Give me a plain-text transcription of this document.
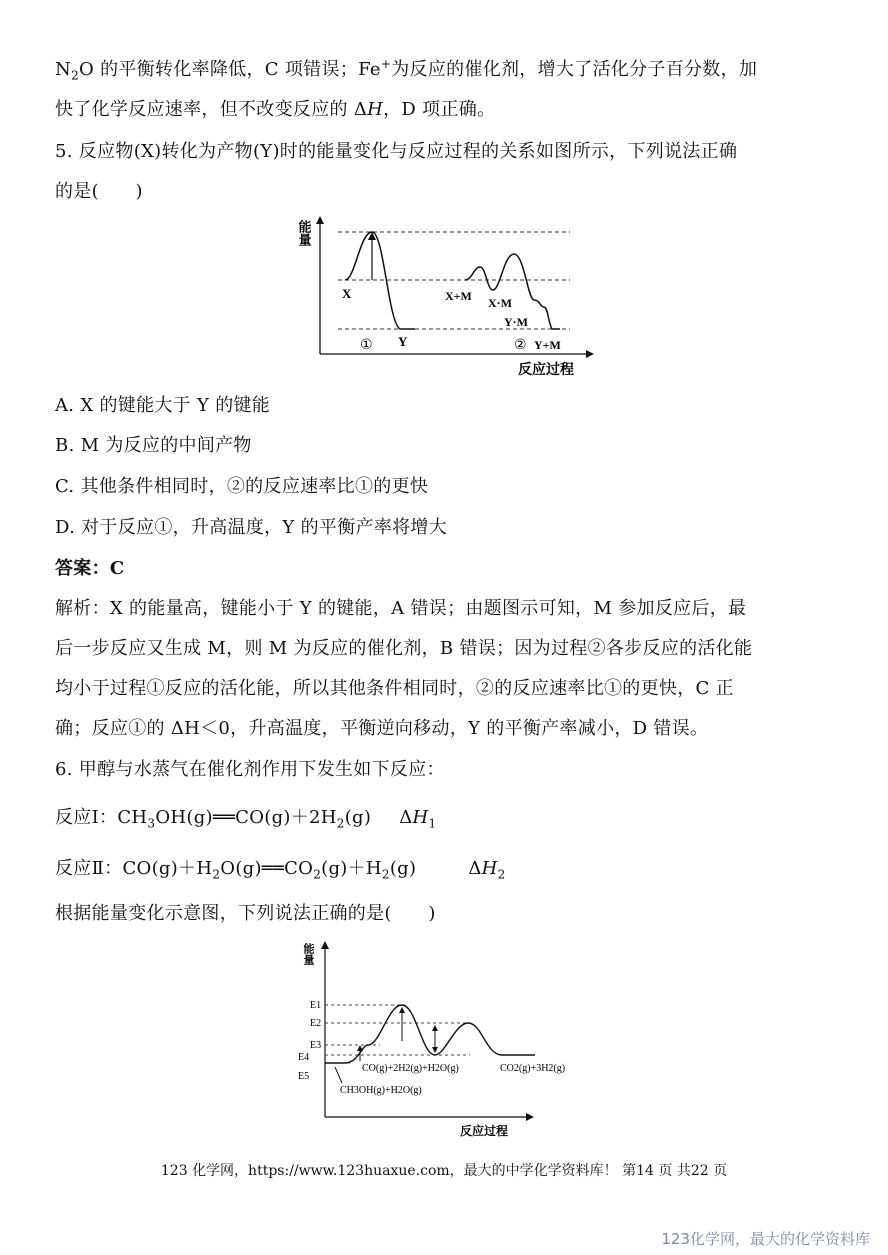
$N_2O$ 的平衡转化率降低，C 项错误；Fe+为反应的催化剂，增大了活化分子百分数，加
快了化学反应速率，但不改变反应的 ΔH，D 项正确。
5. 反应物(X)转化为产物(Y)时的能量变化与反应过程的关系如图所示，下列说法正确
的是(　　)
能量
X
Y
①
X+M X·M
Y·M
② Y+M
反应过程
A. X 的键能大于 Y 的键能
B. M 为反应的中间产物
C. 其他条件相同时，②的反应速率比①的更快
D. 对于反应①，升高温度，Y 的平衡产率将增大
答案：C
解析：X 的能量高，键能小于 Y 的键能，A 错误；由题图示可知，M 参加反应后，最
后一步反应又生成 M，则 M 为反应的催化剂，B 错误；因为过程②各步反应的活化能
均小于过程①反应的活化能，所以其他条件相同时，②的反应速率比①的更快，C 正
确；反应①的 ΔH＜0，升高温度，平衡逆向移动，Y 的平衡产率减小，D 错误。
6. 甲醇与水蒸气在催化剂作用下发生如下反应：
反应Ⅰ：$CH_3OH(g)══CO(g)+2H_2(g)$ $\Delta H_1$
反应Ⅱ：$CO(g)+H_2O(g)══CO_2(g)+H_2(g)$	$\Delta H_2$
根据能量变化示意图，下列说法正确的是(　　)
能量
E1
E2
E3
E4
E5
CO(g)+2H2(g)+H2O(g)	CO2(g)+3H2(g)
CH3OH(g)+H2O(g)
反应过程
123 化学网，https://www.123huaxue.com，最大的中学化学资料库！ 第14 页 共22 页
123化学网，最大的化学资料库
